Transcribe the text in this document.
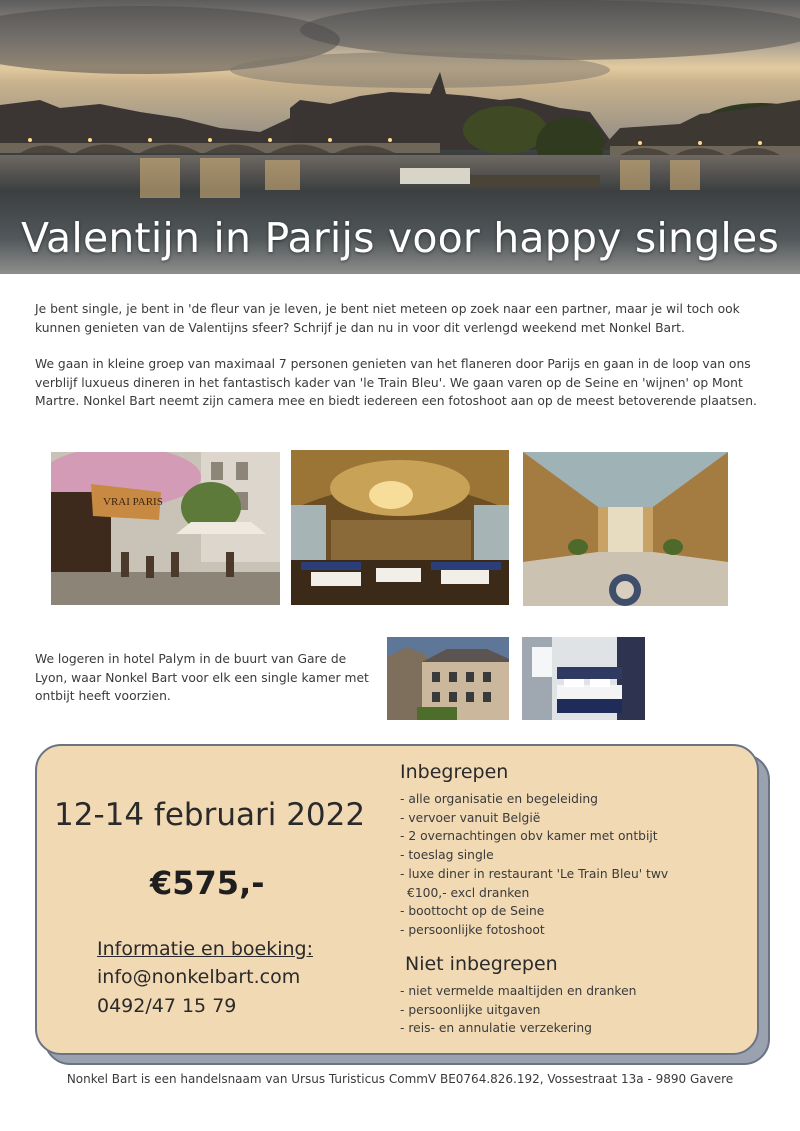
Valentijn in Parijs voor happy singles

Je bent single, je bent in 'de fleur van je leven, je bent niet meteen op zoek naar een partner, maar je wil toch ook kunnen genieten van de Valentijns sfeer? Schrijf je dan nu in voor dit verlengd weekend met Nonkel Bart.

We gaan in kleine groep van maximaal 7 personen genieten van het flaneren door Parijs en gaan in de loop van ons verblijf luxueus dineren in het fantastisch kader van 'le Train Bleu'. We gaan varen op de Seine en 'wijnen' op Mont Martre. Nonkel Bart neemt zijn camera mee en biedt iedereen een fotoshoot aan op de meest betoverende plaatsen.

VRAI PARIS
We logeren in hotel Palym in de buurt van Gare de Lyon, waar Nonkel Bart voor elk een single kamer met ontbijt heeft voorzien.
12-14 februari 2022
€575,-
Informatie en boeking:
info@nonkelbart.com
0492/47 15 79
Inbegrepen
- alle organisatie en begeleiding
- vervoer vanuit België
- 2 overnachtingen obv kamer met ontbijt
- toeslag single
- luxe diner in restaurant 'Le Train Bleu' twv
€100,- excl dranken
- boottocht op de Seine
- persoonlijke fotoshoot
Niet inbegrepen
- niet vermelde maaltijden en dranken
- persoonlijke uitgaven
- reis- en annulatie verzekering
Nonkel Bart is een handelsnaam van Ursus Turisticus CommV BE0764.826.192, Vossestraat 13a - 9890 Gavere
